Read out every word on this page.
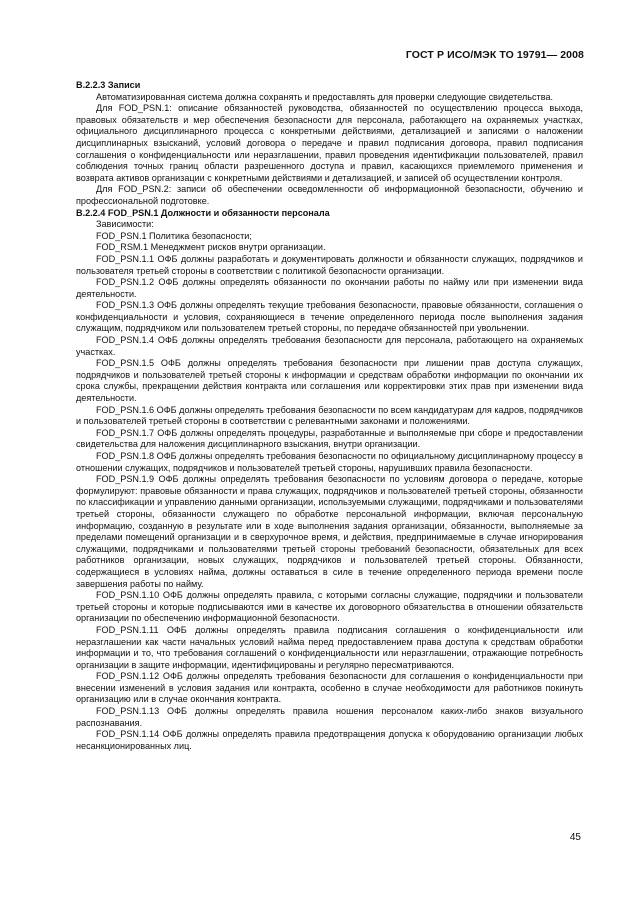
ГОСТ Р ИСО/МЭК ТО 19791— 2008

B.2.2.3 Записи

Автоматизированная система должна сохранять и предоставлять для проверки следующие свидетельства.

Для FOD_PSN.1: описание обязанностей руководства, обязанностей по осуществлению процесса выхода, правовых обязательств и мер обеспечения безопасности для персонала, работающего на охраняемых участках, официального дисциплинарного процесса с конкретными действиями, детализацией и записями о наложении дисциплинарных взысканий, условий договора о передаче и правил подписания договора, правил подписания соглашения о конфиденциальности или неразглашении, правил проведения идентификации пользователей, правил соблюдения точных границ области разрешенного доступа и правил, касающихся приемлемого применения и возврата активов организации с конкретными действиями и детализацией, и записей об осуществлении контроля.

Для FOD_PSN.2: записи об обеспечении осведомленности об информационной безопасности, обучению и профессиональной подготовке.

B.2.2.4 FOD_PSN.1 Должности и обязанности персонала

Зависимости:

FOD_PSN.1 Политика безопасности;

FOD_RSM.1 Менеджмент рисков внутри организации.

FOD_PSN.1.1 ОФБ должны разработать и документировать должности и обязанности служащих, подрядчиков и пользователя третьей стороны в соответствии с политикой безопасности организации.

FOD_PSN.1.2 ОФБ должны определять обязанности по окончании работы по найму или при изменении вида деятельности.

FOD_PSN.1.3 ОФБ должны определять текущие требования безопасности, правовые обязанности, соглашения о конфиденциальности и условия, сохраняющиеся в течение определенного периода после выполнения задания служащим, подрядчиком или пользователем третьей стороны, по передаче обязанностей при увольнении.

FOD_PSN.1.4 ОФБ должны определять требования безопасности для персонала, работающего на охраняемых участках.

FOD_PSN.1.5 ОФБ должны определять требования безопасности при лишении прав доступа служащих, подрядчиков и пользователей третьей стороны к информации и средствам обработки информации по окончании их срока службы, прекращении действия контракта или соглашения или корректировки этих прав при изменении вида деятельности.

FOD_PSN.1.6 ОФБ должны определять требования безопасности по всем кандидатурам для кадров, подрядчиков и пользователей третьей стороны в соответствии с релевантными законами и положениями.

FOD_PSN.1.7 ОФБ должны определять процедуры, разработанные и выполняемые при сборе и предоставлении свидетельства для наложения дисциплинарного взыскания, внутри организации.

FOD_PSN.1.8 ОФБ должны определять требования безопасности по официальному дисциплинарному процессу в отношении служащих, подрядчиков и пользователей третьей стороны, нарушивших правила безопасности.

FOD_PSN.1.9 ОФБ должны определять требования безопасности по условиям договора о передаче, которые формулируют: правовые обязанности и права служащих, подрядчиков и пользователей третьей стороны, обязанности по классификации и управлению данными организации, используемыми служащими, подрядчиками и пользователями третьей стороны, обязанности служащего по обработке персональной информации, включая персональную информацию, созданную в результате или в ходе выполнения задания организации, обязанности, выполняемые за пределами помещений организации и в сверхурочное время, и действия, предпринимаемые в случае игнорирования служащими, подрядчиками и пользователями третьей стороны требований безопасности, обязательных для всех работников организации, новых служащих, подрядчиков и пользователей третьей стороны. Обязанности, содержащиеся в условиях найма, должны оставаться в силе в течение определенного периода времени после завершения работы по найму.

FOD_PSN.1.10 ОФБ должны определять правила, с которыми согласны служащие, подрядчики и пользователи третьей стороны и которые подписываются ими в качестве их договорного обязательства в отношении обязательств организации по обеспечению информационной безопасности.

FOD_PSN.1.11 ОФБ должны определять правила подписания соглашения о конфиденциальности или неразглашении как части начальных условий найма перед предоставлением права доступа к средствам обработки информации и то, что требования соглашений о конфиденциальности или неразглашении, отражающие потребность организации в защите информации, идентифицированы и регулярно пересматриваются.

FOD_PSN.1.12 ОФБ должны определять требования безопасности для соглашения о конфиденциальности при внесении изменений в условия задания или контракта, особенно в случае необходимости для работников покинуть организацию или в случае окончания контракта.

FOD_PSN.1.13 ОФБ должны определять правила ношения персоналом каких-либо знаков визуального распознавания.

FOD_PSN.1.14 ОФБ должны определять правила предотвращения допуска к оборудованию организации любых несанкционированных лиц.

45
